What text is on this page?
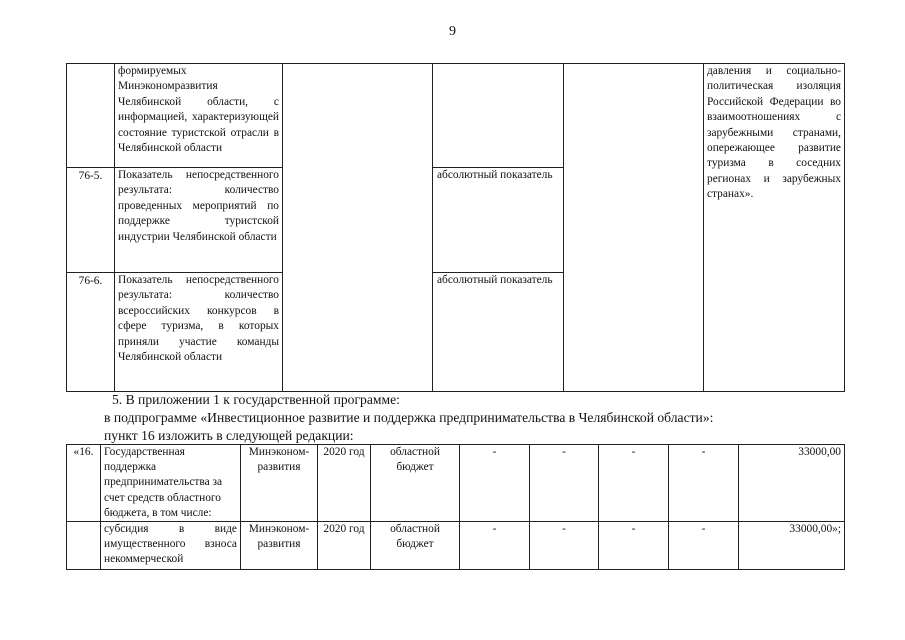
9
	формируемых Минэкономразвития Челябинской области, с информацией, характеризующей состояние туристской отрасли в Челябинской области				давления и социально-политическая изоляция Российской Федерации во взаимоотношениях с зарубежными странами, опережающее развитие туризма в соседних регионах и зарубежных странах».
76-5.	Показатель непосредственного результата: количество проведенных мероприятий по поддержке туристской индустрии Челябинской области		абсолютный показатель		
76-6.	Показатель непосредственного результата: количество всероссийских конкурсов в сфере туризма, в которых приняли участие команды Челябинской области		абсолютный показатель		
5. В приложении 1 к государственной программе:
в подпрограмме «Инвестиционное развитие и поддержка предпринимательства в Челябинской области»:
пункт 16 изложить в следующей редакции:
«16.	Государственная поддержка предпринимательства за счет средств областного бюджета, в том числе:	Минэконом-развития	2020 год	областной бюджет	-	-	-	-	33000,00
	субсидия в виде имущественного взноса некоммерческой	Минэконом-развития	2020 год	областной бюджет	-	-	-	-	33000,00»;
